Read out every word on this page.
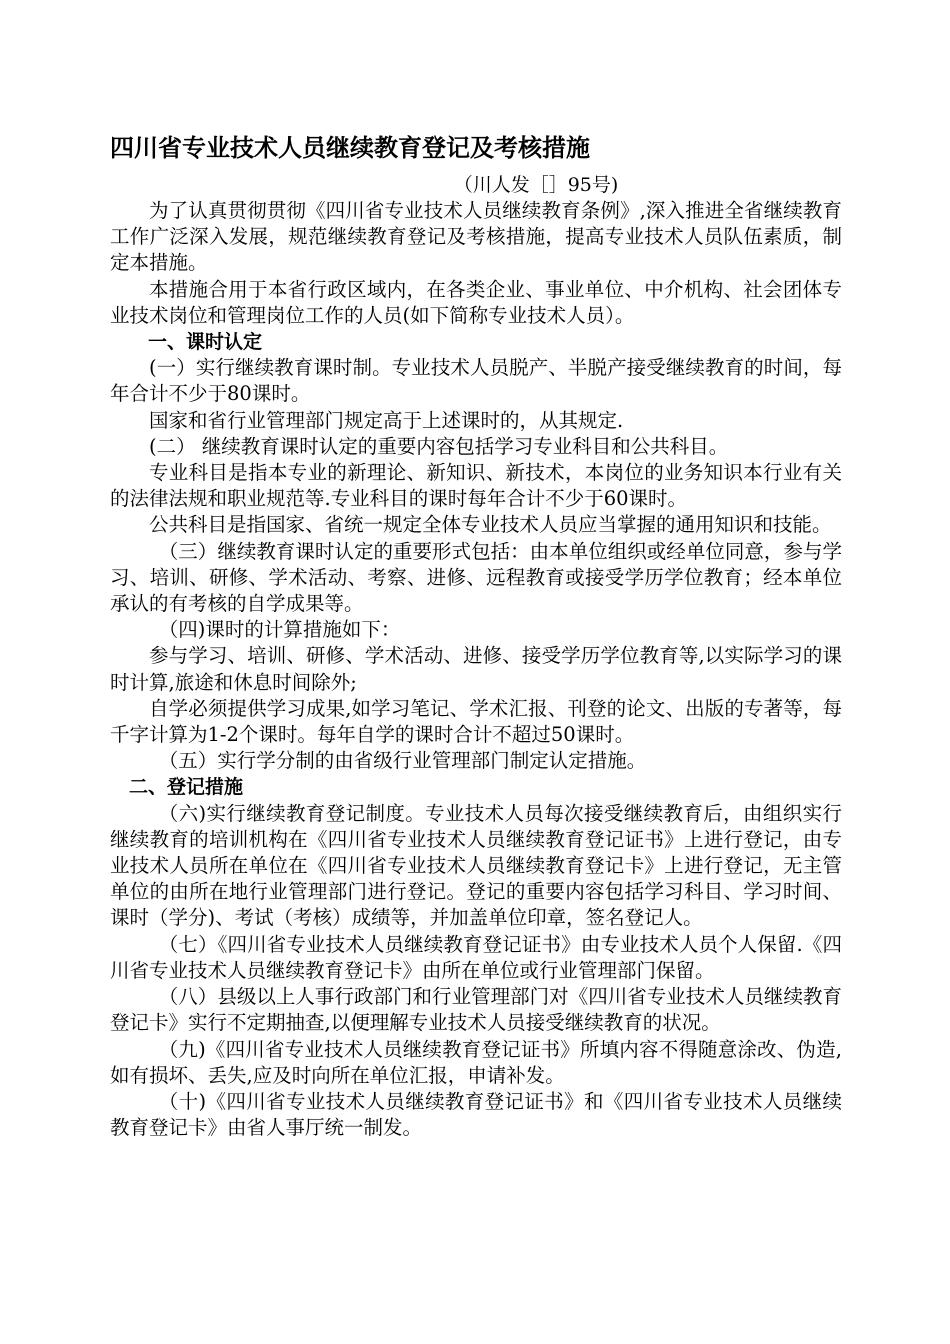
四川省专业技术人员继续教育登记及考核措施

（川人发［］95号)

为了认真贯彻贯彻《四川省专业技术人员继续教育条例》,深入推进全省继续教育工作广泛深入发展，规范继续教育登记及考核措施，提高专业技术人员队伍素质，制定本措施。

本措施合用于本省行政区域内，在各类企业、事业单位、中介机构、社会团体专业技术岗位和管理岗位工作的人员(如下简称专业技术人员）。

一、课时认定

(一）实行继续教育课时制。专业技术人员脱产、半脱产接受继续教育的时间，每年合计不少于80课时。

国家和省行业管理部门规定高于上述课时的，从其规定.

(二） 继续教育课时认定的重要内容包括学习专业科目和公共科目。

专业科目是指本专业的新理论、新知识、新技术，本岗位的业务知识本行业有关的法律法规和职业规范等.专业科目的课时每年合计不少于60课时。

公共科目是指国家、省统一规定全体专业技术人员应当掌握的通用知识和技能。

（三）继续教育课时认定的重要形式包括：由本单位组织或经单位同意，参与学习、培训、研修、学术活动、考察、进修、远程教育或接受学历学位教育；经本单位承认的有考核的自学成果等。

（四)课时的计算措施如下：

参与学习、培训、研修、学术活动、进修、接受学历学位教育等,以实际学习的课时计算,旅途和休息时间除外;

自学必须提供学习成果,如学习笔记、学术汇报、刊登的论文、出版的专著等，每千字计算为1-2个课时。每年自学的课时合计不超过50课时。

（五）实行学分制的由省级行业管理部门制定认定措施。

二、登记措施

（六)实行继续教育登记制度。专业技术人员每次接受继续教育后，由组织实行继续教育的培训机构在《四川省专业技术人员继续教育登记证书》上进行登记，由专业技术人员所在单位在《四川省专业技术人员继续教育登记卡》上进行登记，无主管单位的由所在地行业管理部门进行登记。登记的重要内容包括学习科目、学习时间、课时（学分)、考试（考核）成绩等，并加盖单位印章，签名登记人。

（七）《四川省专业技术人员继续教育登记证书》由专业技术人员个人保留.《四川省专业技术人员继续教育登记卡》由所在单位或行业管理部门保留。

（八）县级以上人事行政部门和行业管理部门对《四川省专业技术人员继续教育登记卡》实行不定期抽查,以便理解专业技术人员接受继续教育的状况。

（九)《四川省专业技术人员继续教育登记证书》所填内容不得随意涂改、伪造,如有损坏、丢失,应及时向所在单位汇报，申请补发。

（十)《四川省专业技术人员继续教育登记证书》和《四川省专业技术人员继续教育登记卡》由省人事厅统一制发。
